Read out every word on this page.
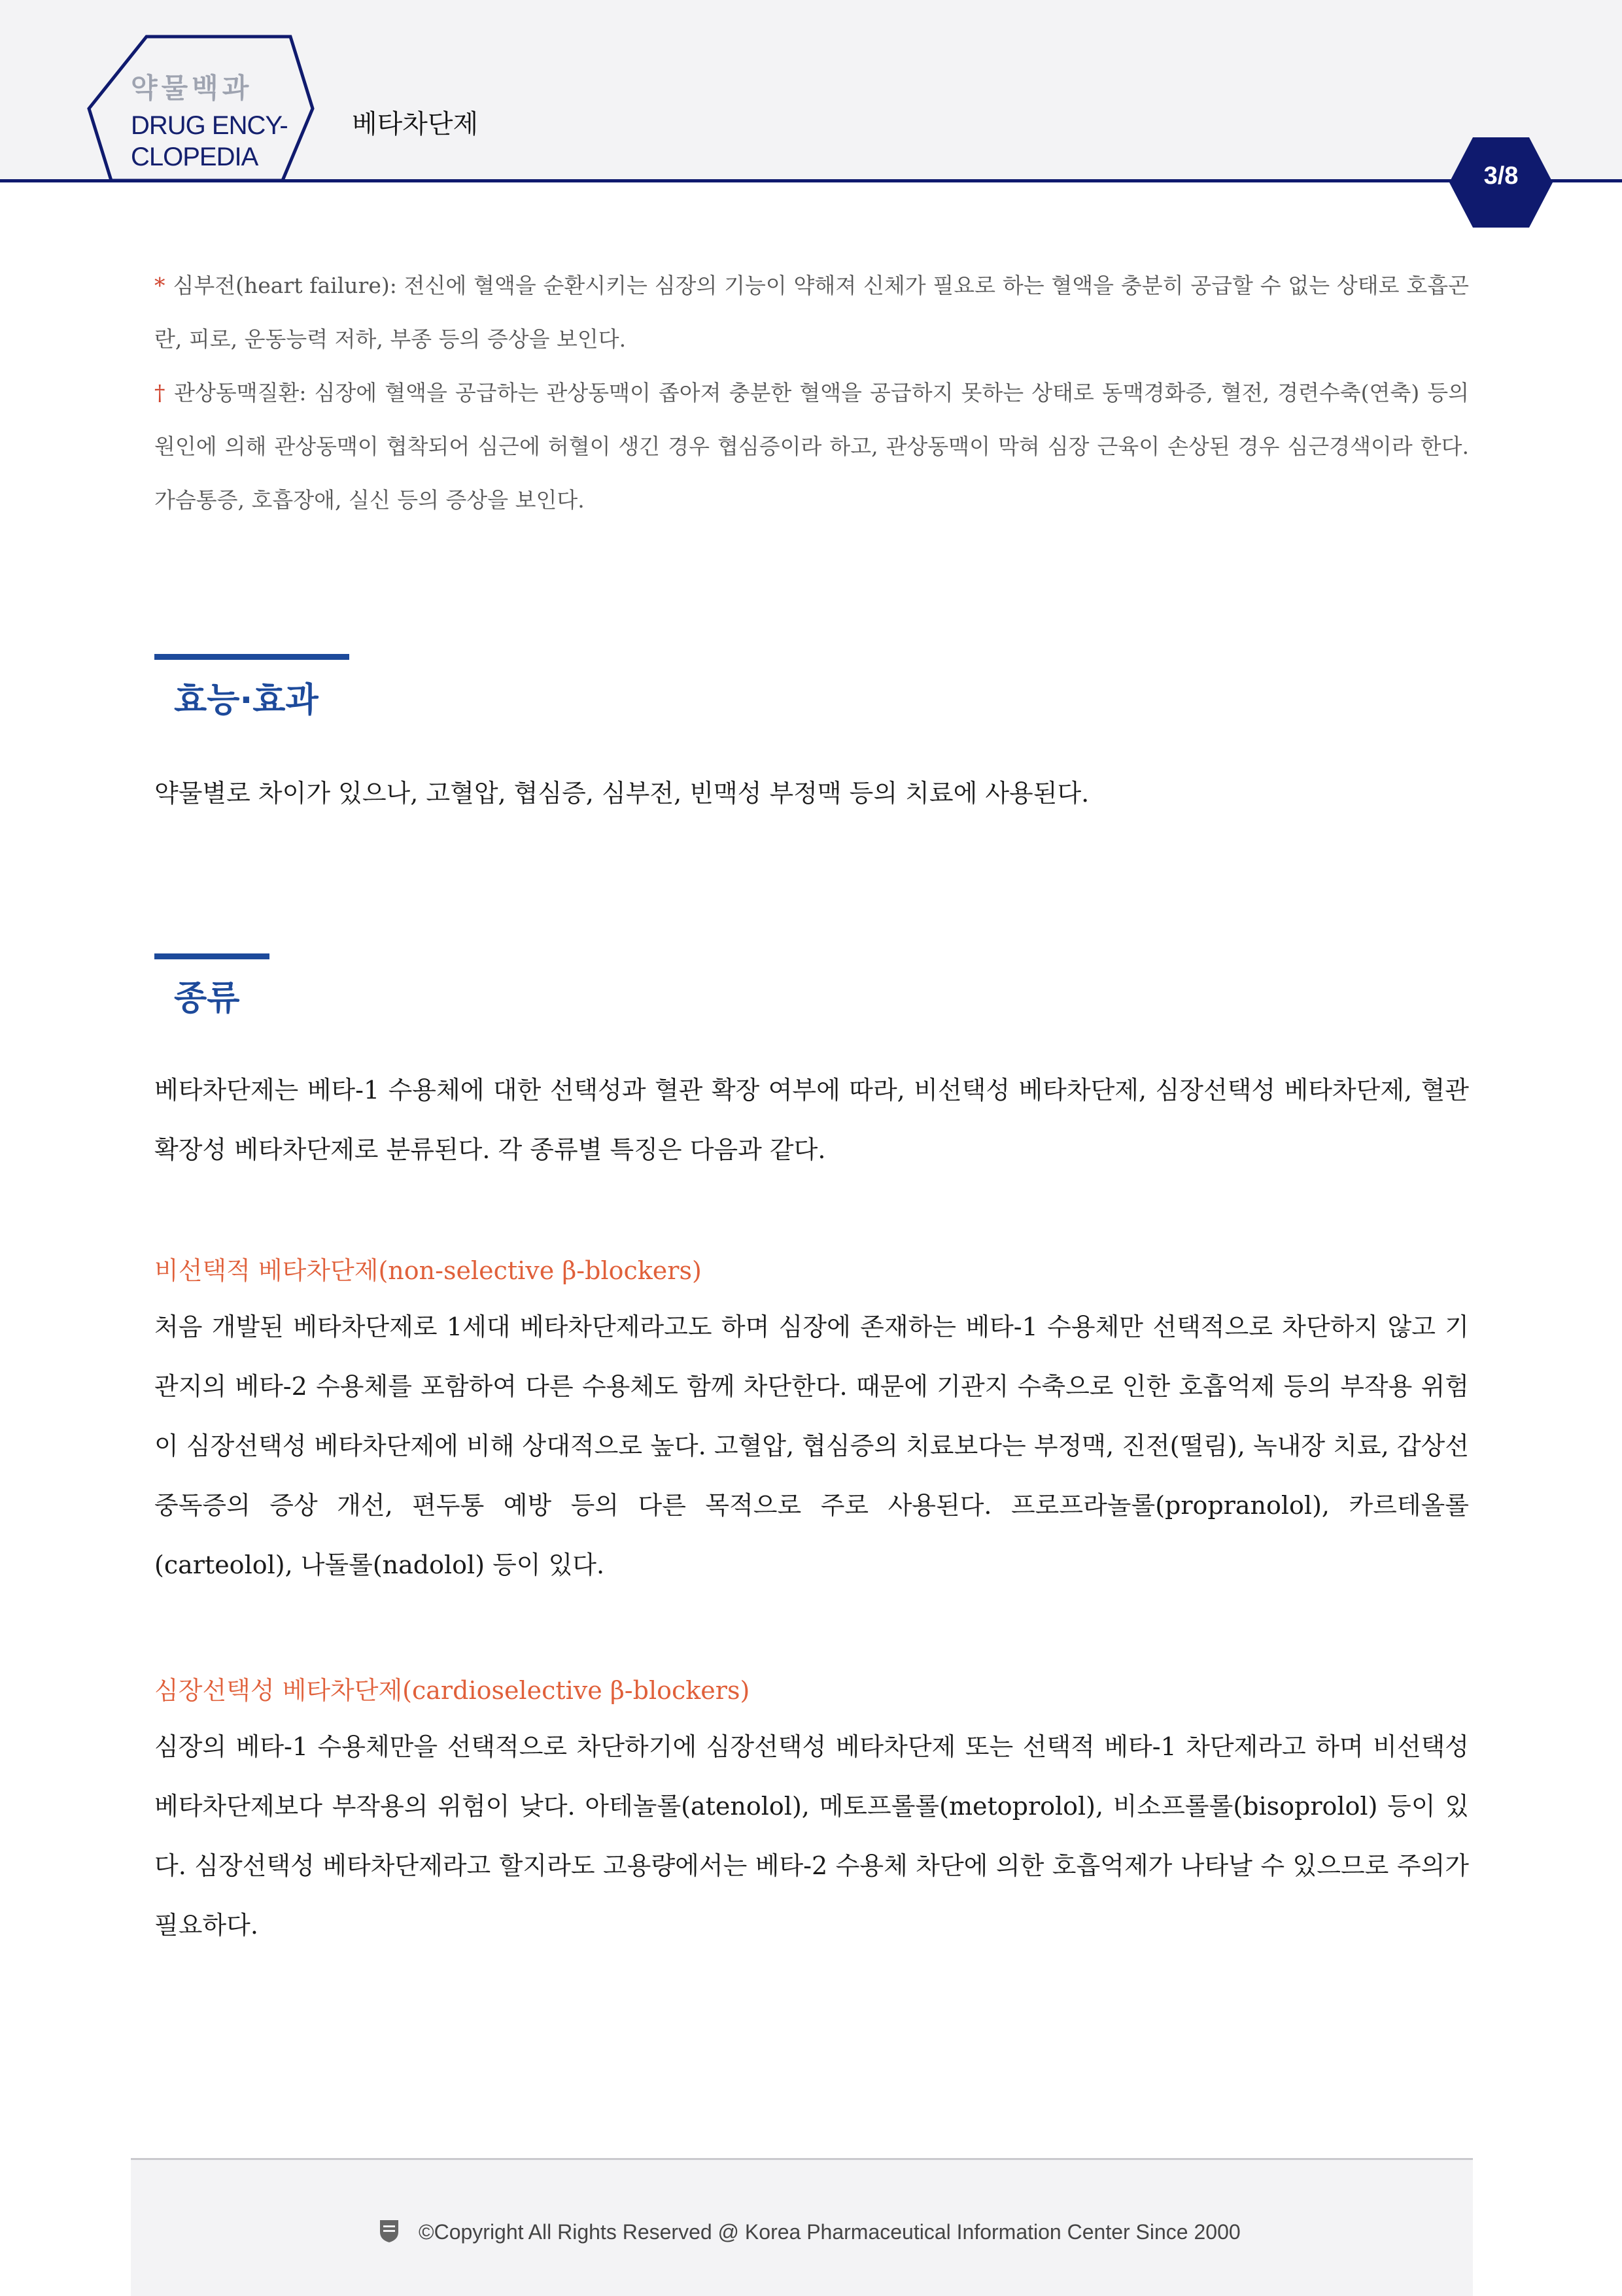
약물백과
DRUG ENCY-
CLOPEDIA
베타차단제
3/8
* 심부전(heart failure): 전신에 혈액을 순환시키는 심장의 기능이 약해져 신체가 필요로 하는 혈액을 충분히 공급할 수 없는 상태로 호흡곤란, 피로, 운동능력 저하, 부종 등의 증상을 보인다.
† 관상동맥질환: 심장에 혈액을 공급하는 관상동맥이 좁아져 충분한 혈액을 공급하지 못하는 상태로 동맥경화증, 혈전, 경련수축(연축) 등의 원인에 의해 관상동맥이 협착되어 심근에 허혈이 생긴 경우 협심증이라 하고, 관상동맥이 막혀 심장 근육이 손상된 경우 심근경색이라 한다. 가슴통증, 호흡장애, 실신 등의 증상을 보인다.
효능·효과
약물별로 차이가 있으나, 고혈압, 협심증, 심부전, 빈맥성 부정맥 등의 치료에 사용된다.
종류
베타차단제는 베타-1 수용체에 대한 선택성과 혈관 확장 여부에 따라, 비선택성 베타차단제, 심장선택성 베타차단제, 혈관확장성 베타차단제로 분류된다. 각 종류별 특징은 다음과 같다.
비선택적 베타차단제(non-selective β-blockers)
처음 개발된 베타차단제로 1세대 베타차단제라고도 하며 심장에 존재하는 베타-1 수용체만 선택적으로 차단하지 않고 기관지의 베타-2 수용체를 포함하여 다른 수용체도 함께 차단한다. 때문에 기관지 수축으로 인한 호흡억제 등의 부작용 위험이 심장선택성 베타차단제에 비해 상대적으로 높다. 고혈압, 협심증의 치료보다는 부정맥, 진전(떨림), 녹내장 치료, 갑상선 중독증의 증상 개선, 편두통 예방 등의 다른 목적으로 주로 사용된다. 프로프라놀롤(propranolol), 카르테올롤(carteolol), 나돌롤(nadolol) 등이 있다.
심장선택성 베타차단제(cardioselective β-blockers)
심장의 베타-1 수용체만을 선택적으로 차단하기에 심장선택성 베타차단제 또는 선택적 베타-1 차단제라고 하며 비선택성 베타차단제보다 부작용의 위험이 낮다. 아테놀롤(atenolol), 메토프롤롤(metoprolol), 비소프롤롤(bisoprolol) 등이 있다. 심장선택성 베타차단제라고 할지라도 고용량에서는 베타-2 수용체 차단에 의한 호흡억제가 나타날 수 있으므로 주의가 필요하다.
©Copyright All Rights Reserved @ Korea Pharmaceutical Information Center Since 2000
